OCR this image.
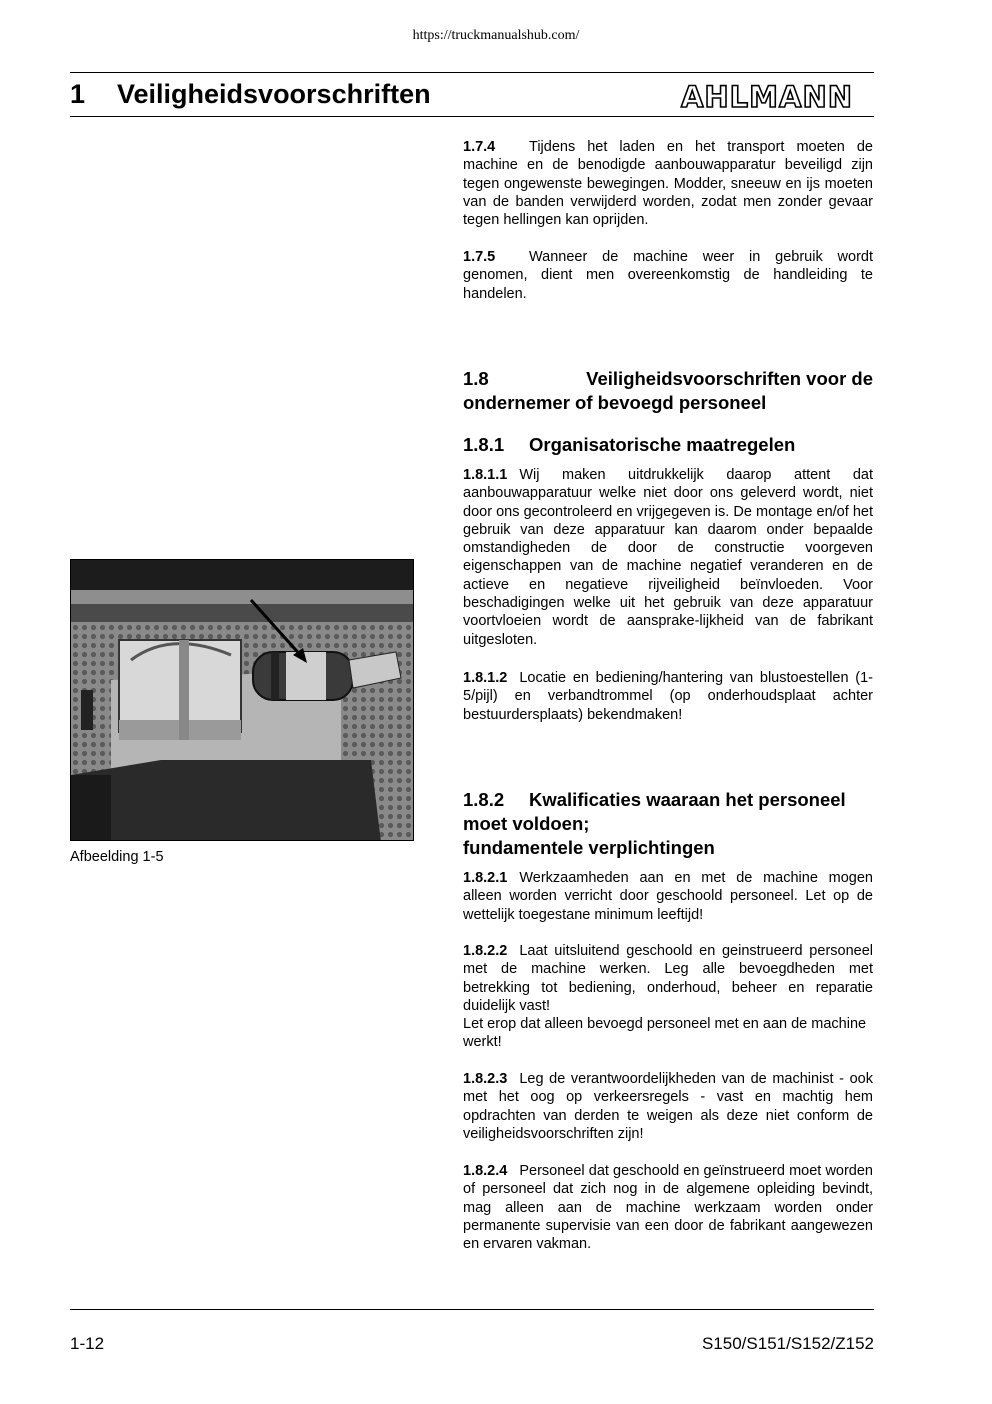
https://truckmanualshub.com/
1 Veiligheidsvoorschriften	AHLMANN

1.7.4 Tijdens het laden en het transport moeten de machine en de benodigde aanbouwapparatur beveiligd zijn tegen ongewenste bewegingen. Modder, sneeuw en ijs moeten van de banden verwijderd worden, zodat men zonder gevaar tegen hellingen kan oprijden.

1.7.5 Wanneer de machine weer in gebruik wordt genomen, dient men overeenkomstig de handleiding te handelen.

1.8	Veiligheidsvoorschriften voor de
ondernemer of bevoegd personeel
1.8.1 Organisatorische maatregelen

1.8.1.1 Wij maken uitdrukkelijk daarop attent dat aanbouwapparatuur welke niet door ons geleverd wordt, niet door ons gecontroleerd en vrijgegeven is. De montage en/of het gebruik van deze apparatuur kan daarom onder bepaalde omstandigheden de door de constructie voorgeven eigenschappen van de machine negatief veranderen en de actieve en negatieve rijveiligheid beïnvloeden. Voor beschadigingen welke uit het gebruik van deze apparatuur voortvloeien wordt de aansprake-lijkheid van de fabrikant uitgesloten.

1.8.1.2 Locatie en bediening/hantering van blustoestellen (1-5/pijl) en verbandtrommel (op onderhoudsplaat achter bestuurdersplaats) bekendmaken!

1.8.2 Kwalificaties waaraan het personeel
moet voldoen;
fundamentele verplichtingen

1.8.2.1 Werkzaamheden aan en met de machine mogen alleen worden verricht door geschoold personeel. Let op de wettelijk toegestane minimum leeftijd!

1.8.2.2 Laat uitsluitend geschoold en geinstrueerd personeel met de machine werken. Leg alle bevoegdheden met betrekking tot bediening, onderhoud, beheer en reparatie duidelijk vast!

Let erop dat alleen bevoegd personeel met en aan de machine werkt!

1.8.2.3 Leg de verantwoordelijkheden van de machinist - ook met het oog op verkeersregels - vast en machtig hem opdrachten van derden te weigen als deze niet conform de veiligheidsvoorschriften zijn!

1.8.2.4 Personeel dat geschoold en geïnstrueerd moet worden of personeel dat zich nog in de algemene opleiding bevindt, mag alleen aan de machine werkzaam worden onder permanente supervisie van een door de fabrikant aangewezen en ervaren vakman.

Afbeelding 1-5
1-12	S150/S151/S152/Z152
